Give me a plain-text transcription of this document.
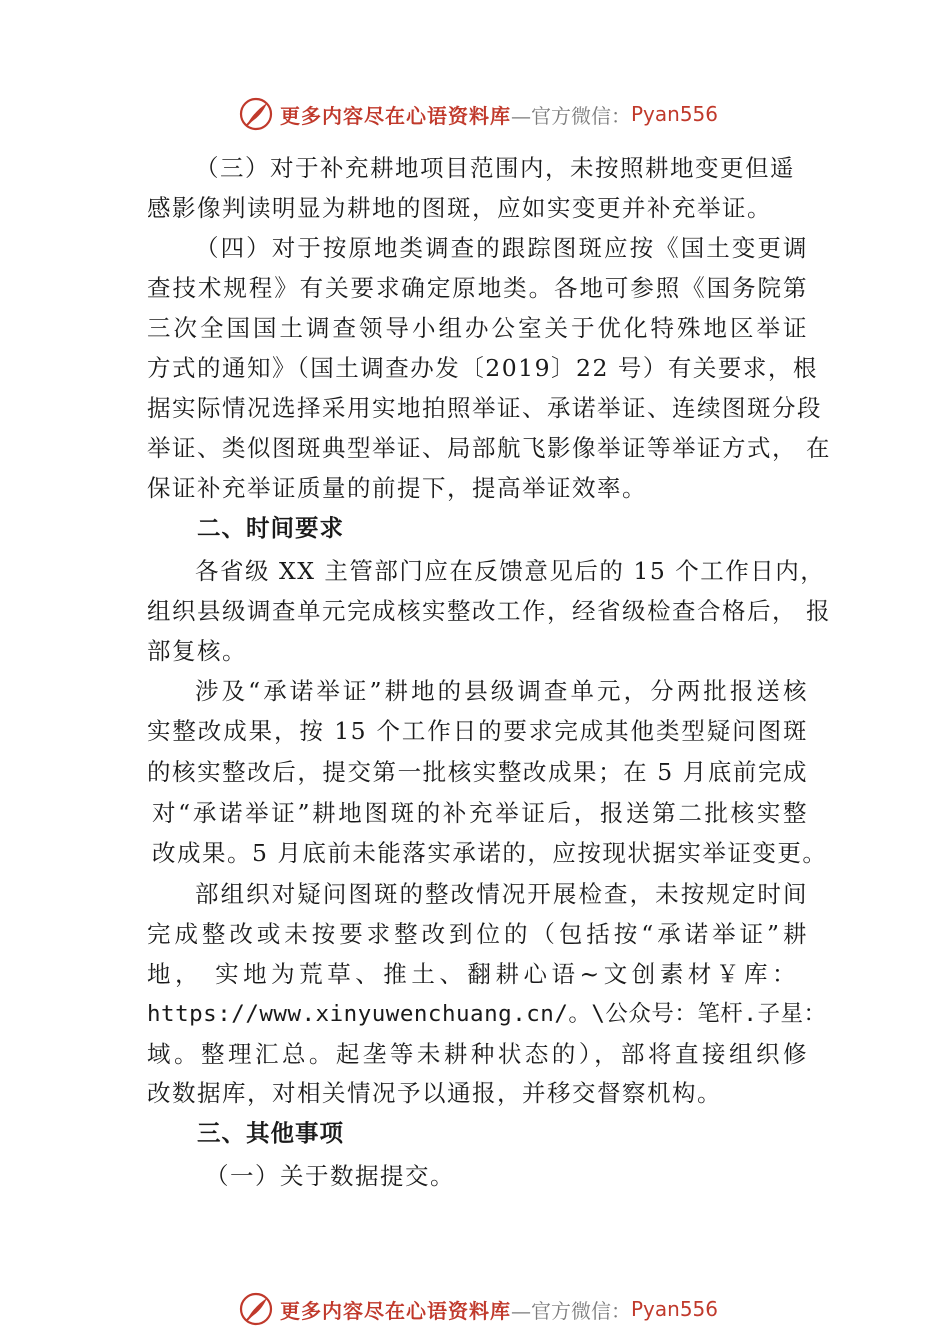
更多内容尽在心语资料库 —官方微信： Pyan556
（三）对于补充耕地项目范围内，未按照耕地变更但遥
感影像判读明显为耕地的图斑，应如实变更并补充举证。
（四）对于按原地类调查的跟踪图斑应按《国土变更调
查技术规程》有关要求确定原地类。各地可参照《国务院第
三次全国国土调查领导小组办公室关于优化特殊地区举证
方式的通知》（国土调查办发〔2019〕22 号）有关要求，根
据实际情况选择采用实地拍照举证、承诺举证、连续图斑分段
举证、类似图斑典型举证、局部航飞影像举证等举证方式， 在
保证补充举证质量的前提下，提高举证效率。
二、时间要求
各省级 XX 主管部门应在反馈意见后的 15 个工作日内，
组织县级调查单元完成核实整改工作，经省级检查合格后， 报
部复核。
涉及“承诺举证”耕地的县级调查单元，分两批报送核
实整改成果，按 15 个工作日的要求完成其他类型疑问图斑
的核实整改后，提交第一批核实整改成果；在 5 月底前完成
对“承诺举证”耕地图斑的补充举证后，报送第二批核实整
改成果。5 月底前未能落实承诺的，应按现状据实举证变更。
部组织对疑问图斑的整改情况开展检查，未按规定时间
完成整改或未按要求整改到位的（包括按“承诺举证”耕
地， 实地为荒草、推土、翻耕心语~文创素材￥库：
https://www.xinyuwenchuang.cn/。\公众号：笔杆.子星：
域。整理汇总。起垄等未耕种状态的），部将直接组织修
改数据库，对相关情况予以通报，并移交督察机构。
三、其他事项
（一）关于数据提交。
更多内容尽在心语资料库 —官方微信： Pyan556
